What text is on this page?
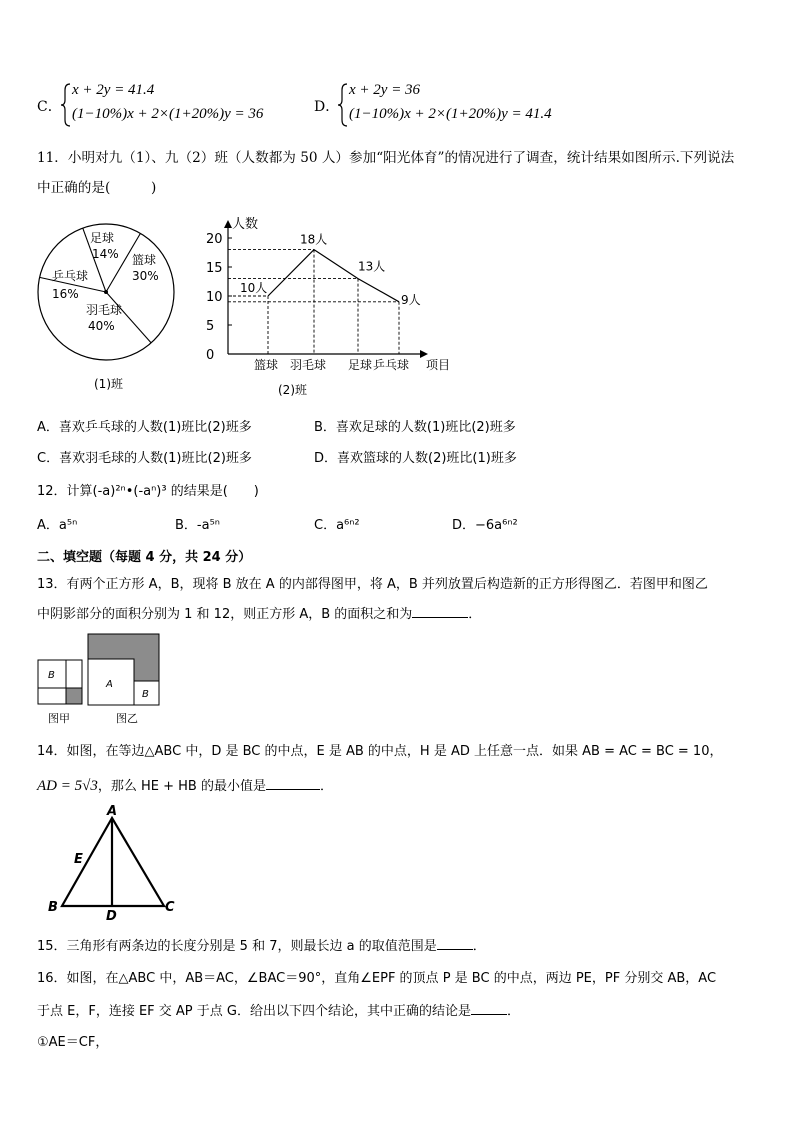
C．
x + 2y = 41.4
(1−10%)x + 2×(1+20%)y = 36	D．
x + 2y = 36
(1−10%)x + 2×(1+20%)y = 41.4
11．小明对九（1）、九（2）班（人数都为 50 人）参加“阳光体育”的情况进行了调查，统计结果如图所示.下列说法
中正确的是(　　　)
足球
14% 篮球
30%
羽毛球
40%
乒乓球
16%
(1)班
人数
项目
(2)班
0
5
10
15
20
10人
18人
13人
9人
篮球 羽毛球 足球 乒乓球
A．喜欢乒乓球的人数(1)班比(2)班多	B．喜欢足球的人数(1)班比(2)班多
C．喜欢羽毛球的人数(1)班比(2)班多	D．喜欢篮球的人数(2)班比(1)班多
12．计算(-a)²ⁿ•(-aⁿ)³ 的结果是(　　)
A．a⁵ⁿ	B．-a⁵ⁿ	C．a⁶ⁿ²	D．−6a⁶ⁿ²
二、填空题（每题 4 分，共 24 分）
13．有两个正方形 A，B，现将 B 放在 A 的内部得图甲，将 A，B 并列放置后构造新的正方形得图乙．若图甲和图乙
中阴影部分的面积分别为 1 和 12，则正方形 A，B 的面积之和为	．
B
图甲
A
B
图乙
14．如图，在等边△ABC 中，D 是 BC 的中点，E 是 AB 的中点，H 是 AD 上任意一点．如果 AB = AC = BC = 10，
AD = 5√3，那么 HE + HB 的最小值是	．
A
B	C
D
E
15．三角形有两条边的长度分别是 5 和 7，则最长边 a 的取值范围是	．
16．如图，在△ABC 中，AB＝AC，∠BAC＝90°，直角∠EPF 的顶点 P 是 BC 的中点，两边 PE，PF 分别交 AB，AC
于点 E，F，连接 EF 交 AP 于点 G．给出以下四个结论，其中正确的结论是	．
①AE＝CF，
